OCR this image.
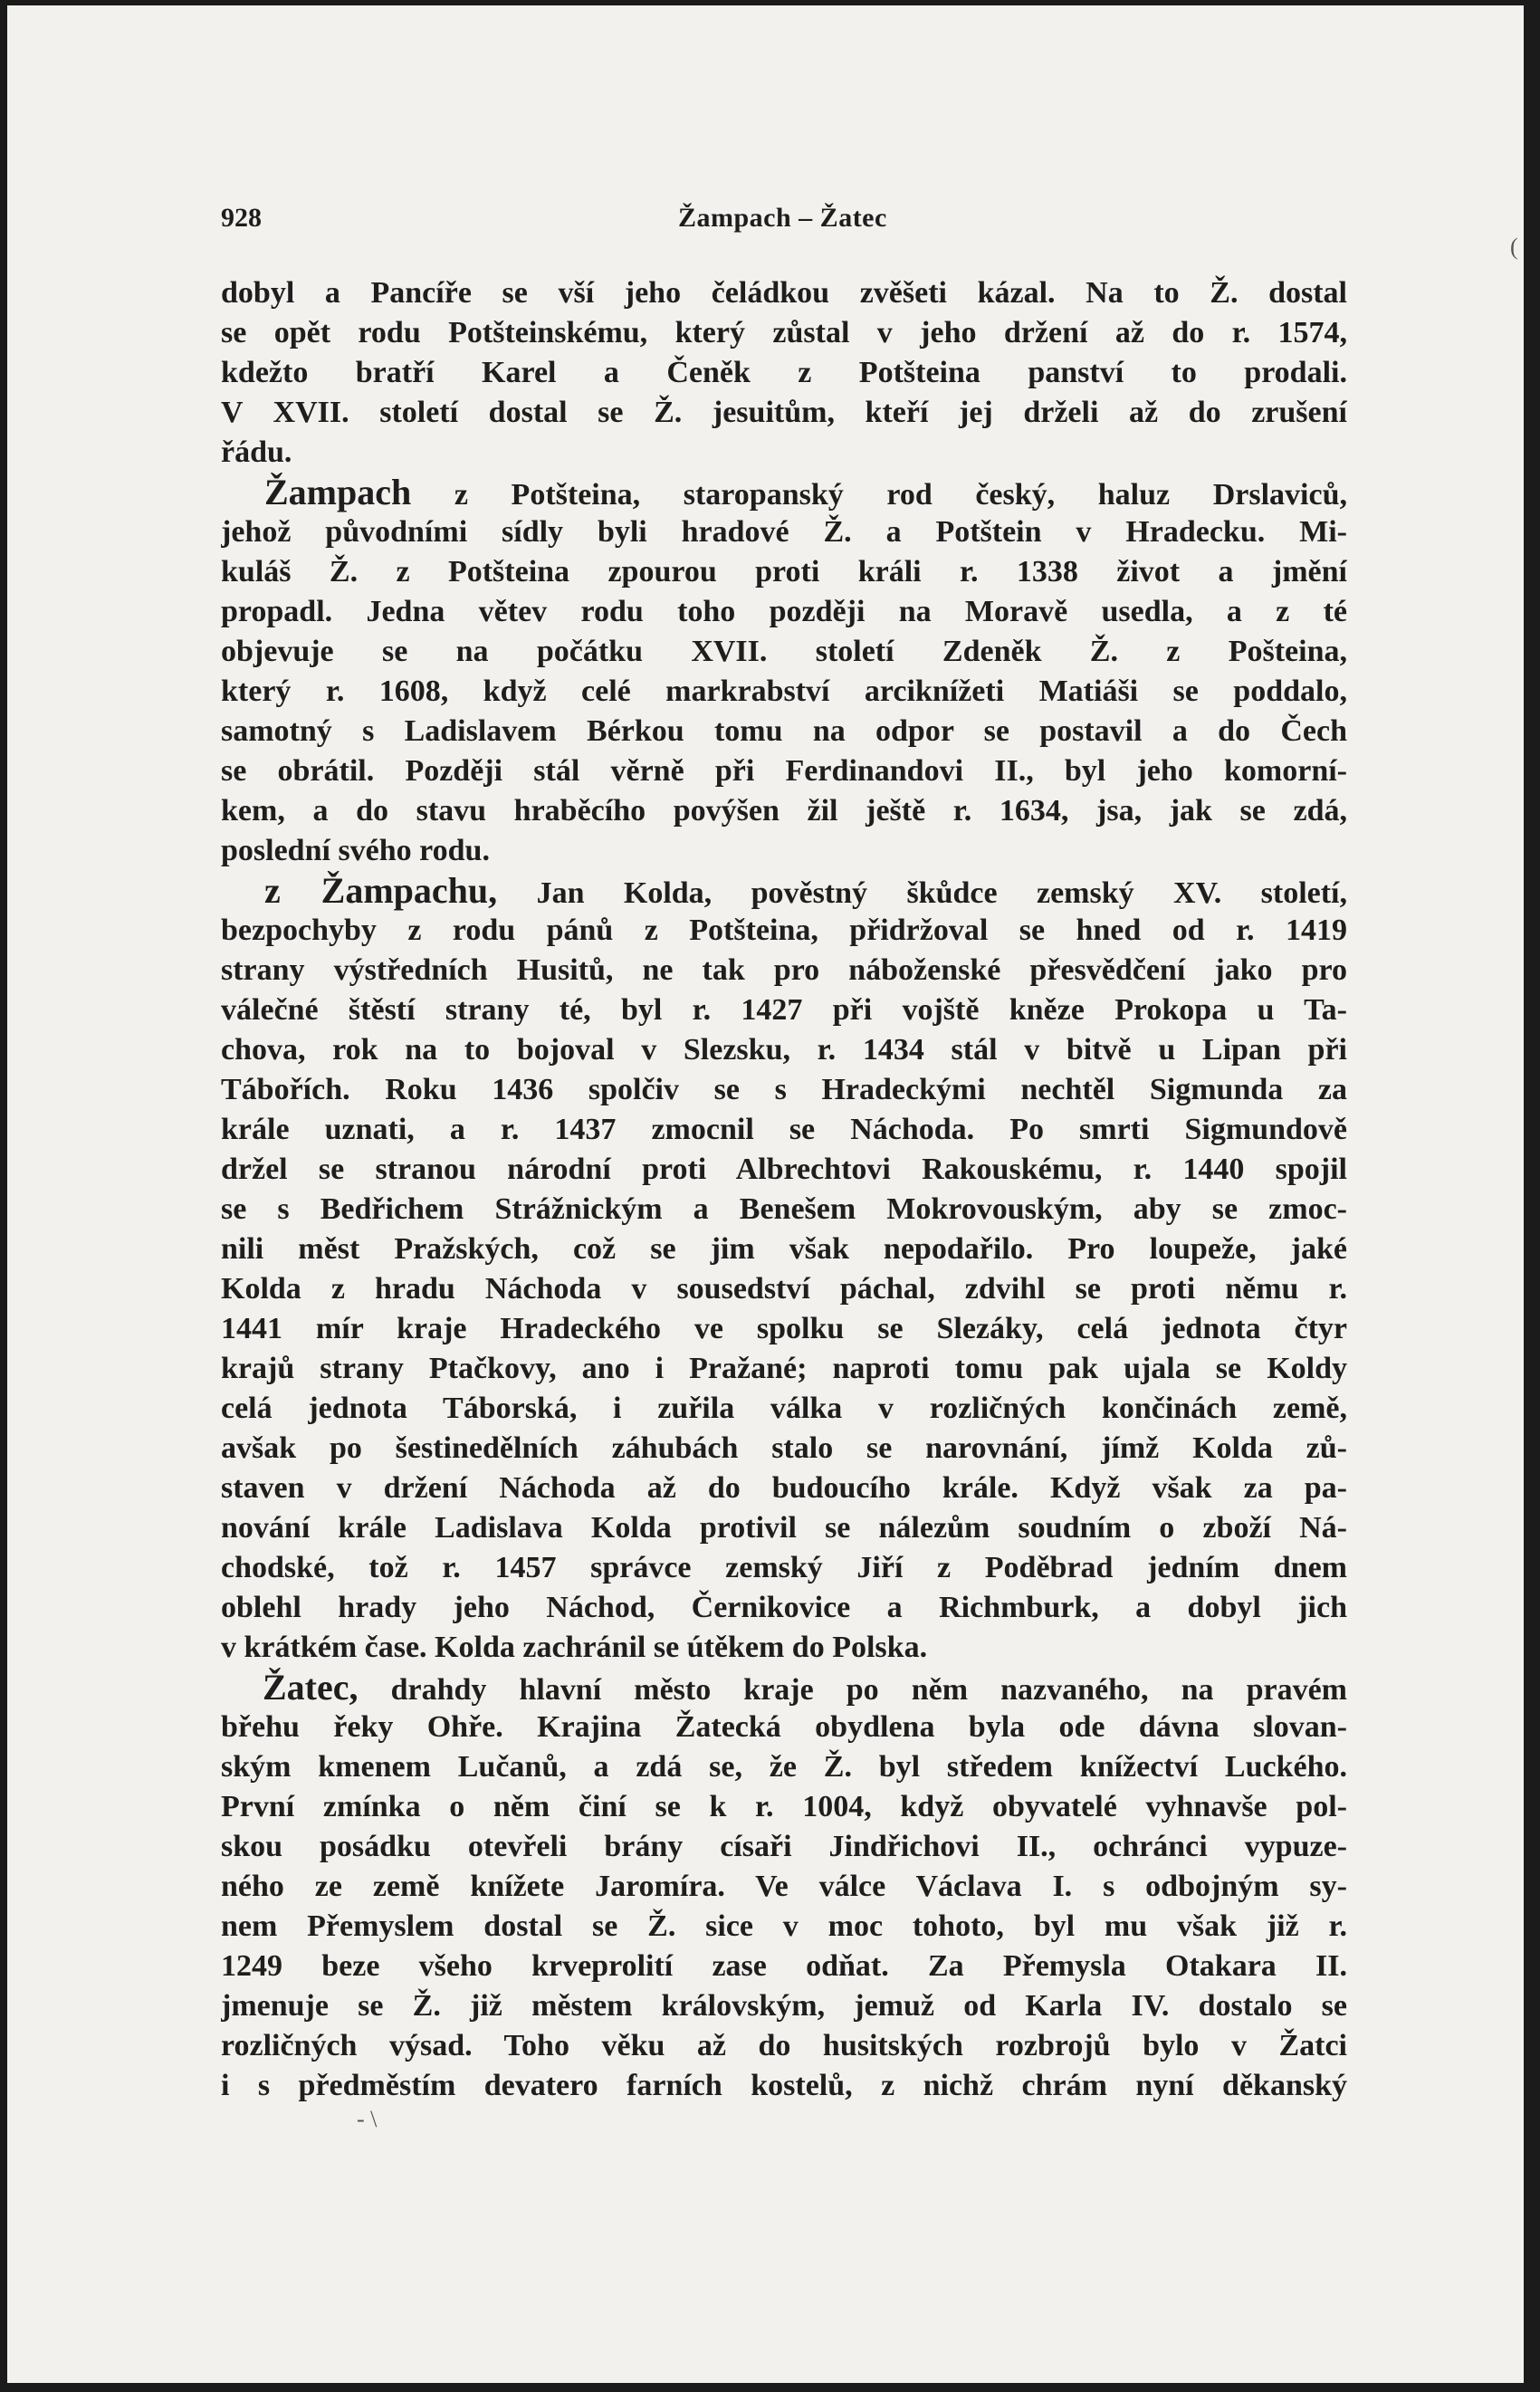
928	Žampach – Žatec
dobyl a Pancíře se vší jeho čeládkou zvěšeti kázal. Na to Ž. dostal
se opět rodu Potšteinskému, který zůstal v jeho držení až do r. 1574,
kdežto bratří Karel a Čeněk z Potšteina panství to prodali.
V XVII. století dostal se Ž. jesuitům, kteří jej drželi až do zrušení
řádu.
Žampach z Potšteina, staropanský rod český, haluz Drslaviců,
jehož původními sídly byli hradové Ž. a Potštein v Hradecku. Mi-
kuláš Ž. z Potšteina zpourou proti králi r. 1338 život a jmění
propadl. Jedna větev rodu toho později na Moravě usedla, a z té
objevuje se na počátku XVII. století Zdeněk Ž. z Pošteina,
který r. 1608, když celé markrabství arciknížeti Matiáši se poddalo,
samotný s Ladislavem Bérkou tomu na odpor se postavil a do Čech
se obrátil. Později stál věrně při Ferdinandovi II., byl jeho komorní-
kem, a do stavu hraběcího povýšen žil ještě r. 1634, jsa, jak se zdá,
poslední svého rodu.
z Žampachu, Jan Kolda, pověstný škůdce zemský XV. století,
bezpochyby z rodu pánů z Potšteina, přidržoval se hned od r. 1419
strany výstředních Husitů, ne tak pro náboženské přesvědčení jako pro
válečné štěstí strany té, byl r. 1427 při vojště kněze Prokopa u Ta-
chova, rok na to bojoval v Slezsku, r. 1434 stál v bitvě u Lipan při
Tábořích. Roku 1436 spolčiv se s Hradeckými nechtěl Sigmunda za
krále uznati, a r. 1437 zmocnil se Náchoda. Po smrti Sigmundově
držel se stranou národní proti Albrechtovi Rakouskému, r. 1440 spojil
se s Bedřichem Strážnickým a Benešem Mokrovouským, aby se zmoc-
nili měst Pražských, což se jim však nepodařilo. Pro loupeže, jaké
Kolda z hradu Náchoda v sousedství páchal, zdvihl se proti němu r.
1441 mír kraje Hradeckého ve spolku se Slezáky, celá jednota čtyr
krajů strany Ptačkovy, ano i Pražané; naproti tomu pak ujala se Koldy
celá jednota Táborská, i zuřila válka v rozličných končinách země,
avšak po šestinedělních záhubách stalo se narovnání, jímž Kolda zů-
staven v držení Náchoda až do budoucího krále. Když však za pa-
nování krále Ladislava Kolda protivil se nálezům soudním o zboží Ná-
chodské, tož r. 1457 správce zemský Jiří z Poděbrad jedním dnem
oblehl hrady jeho Náchod, Černikovice a Richmburk, a dobyl jich
v krátkém čase. Kolda zachránil se útěkem do Polska.
Žatec, drahdy hlavní město kraje po něm nazvaného, na pravém
břehu řeky Ohře. Krajina Žatecká obydlena byla ode dávna slovan-
ským kmenem Lučanů, a zdá se, že Ž. byl středem knížectví Luckého.
První zmínka o něm činí se k r. 1004, když obyvatelé vyhnavše pol-
skou posádku otevřeli brány císaři Jindřichovi II., ochránci vypuze-
ného ze země knížete Jaromíra. Ve válce Václava I. s odbojným sy-
nem Přemyslem dostal se Ž. sice v moc tohoto, byl mu však již r.
1249 beze všeho krveprolití zase odňat. Za Přemysla Otakara II.
jmenuje se Ž. již městem královským, jemuž od Karla IV. dostalo se
rozličných výsad. Toho věku až do husitských rozbrojů bylo v Žatci
i s předměstím devatero farních kostelů, z nichž chrám nyní děkanský
(
- \
